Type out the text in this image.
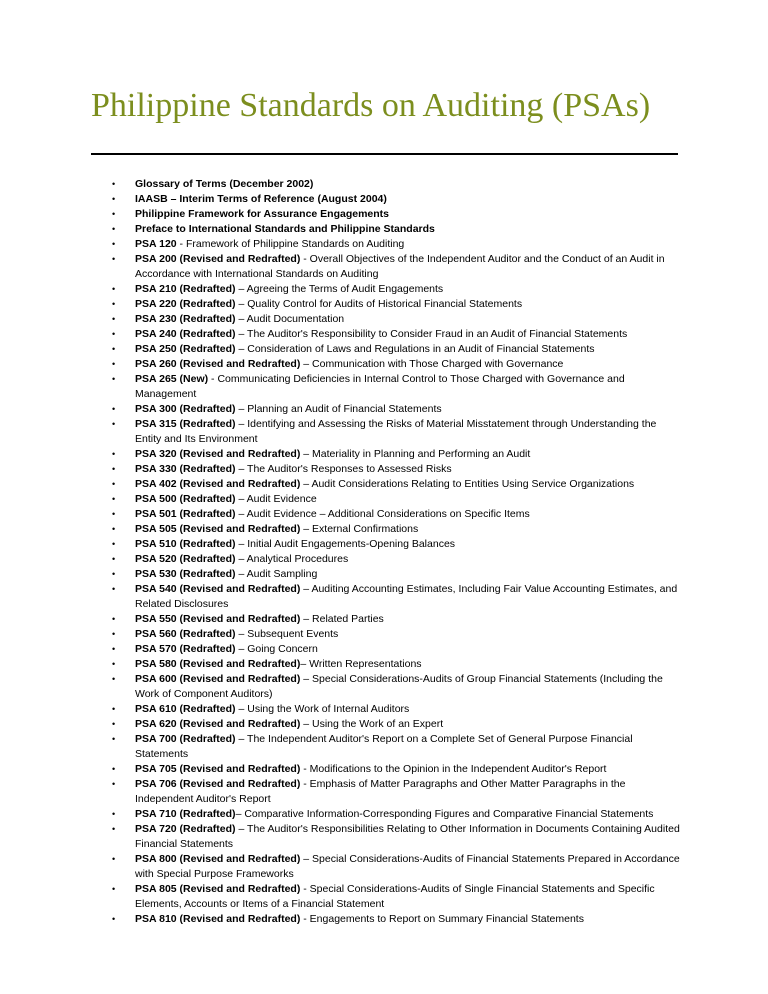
Philippine Standards on Auditing (PSAs)
• Glossary of Terms (December 2002)
• IAASB – Interim Terms of Reference (August 2004)
• Philippine Framework for Assurance Engagements
• Preface to International Standards and Philippine Standards
• PSA 120 - Framework of Philippine Standards on Auditing
• PSA 200 (Revised and Redrafted) - Overall Objectives of the Independent Auditor and the Conduct of an Audit in Accordance with International Standards on Auditing
• PSA 210 (Redrafted) – Agreeing the Terms of Audit Engagements
• PSA 220 (Redrafted) – Quality Control for Audits of Historical Financial Statements
• PSA 230 (Redrafted) – Audit Documentation
• PSA 240 (Redrafted) – The Auditor's Responsibility to Consider Fraud in an Audit of Financial Statements
• PSA 250 (Redrafted) – Consideration of Laws and Regulations in an Audit of Financial Statements
• PSA 260 (Revised and Redrafted) – Communication with Those Charged with Governance
• PSA 265 (New) - Communicating Deficiencies in Internal Control to Those Charged with Governance and Management
• PSA 300 (Redrafted) – Planning an Audit of Financial Statements
• PSA 315 (Redrafted) – Identifying and Assessing the Risks of Material Misstatement through Understanding the Entity and Its Environment
• PSA 320 (Revised and Redrafted) – Materiality in Planning and Performing an Audit
• PSA 330 (Redrafted) – The Auditor's Responses to Assessed Risks
• PSA 402 (Revised and Redrafted) – Audit Considerations Relating to Entities Using Service Organizations
• PSA 500 (Redrafted) – Audit Evidence
• PSA 501 (Redrafted) – Audit Evidence – Additional Considerations on Specific Items
• PSA 505 (Revised and Redrafted) – External Confirmations
• PSA 510 (Redrafted) – Initial Audit Engagements-Opening Balances
• PSA 520 (Redrafted) – Analytical Procedures
• PSA 530 (Redrafted) – Audit Sampling
• PSA 540 (Revised and Redrafted) – Auditing Accounting Estimates, Including Fair Value Accounting Estimates, and Related Disclosures
• PSA 550 (Revised and Redrafted) – Related Parties
• PSA 560 (Redrafted) – Subsequent Events
• PSA 570 (Redrafted) – Going Concern
• PSA 580 (Revised and Redrafted)– Written Representations
• PSA 600 (Revised and Redrafted) – Special Considerations-Audits of Group Financial Statements (Including the Work of Component Auditors)
• PSA 610 (Redrafted) – Using the Work of Internal Auditors
• PSA 620 (Revised and Redrafted) – Using the Work of an Expert
• PSA 700 (Redrafted) – The Independent Auditor's Report on a Complete Set of General Purpose Financial Statements
• PSA 705 (Revised and Redrafted) - Modifications to the Opinion in the Independent Auditor's Report
• PSA 706 (Revised and Redrafted) - Emphasis of Matter Paragraphs and Other Matter Paragraphs in the Independent Auditor's Report
• PSA 710 (Redrafted)– Comparative Information-Corresponding Figures and Comparative Financial Statements
• PSA 720 (Redrafted) – The Auditor's Responsibilities Relating to Other Information in Documents Containing Audited Financial Statements
• PSA 800 (Revised and Redrafted) – Special Considerations-Audits of Financial Statements Prepared in Accordance with Special Purpose Frameworks
• PSA 805 (Revised and Redrafted) - Special Considerations-Audits of Single Financial Statements and Specific Elements, Accounts or Items of a Financial Statement
• PSA 810 (Revised and Redrafted) - Engagements to Report on Summary Financial Statements
